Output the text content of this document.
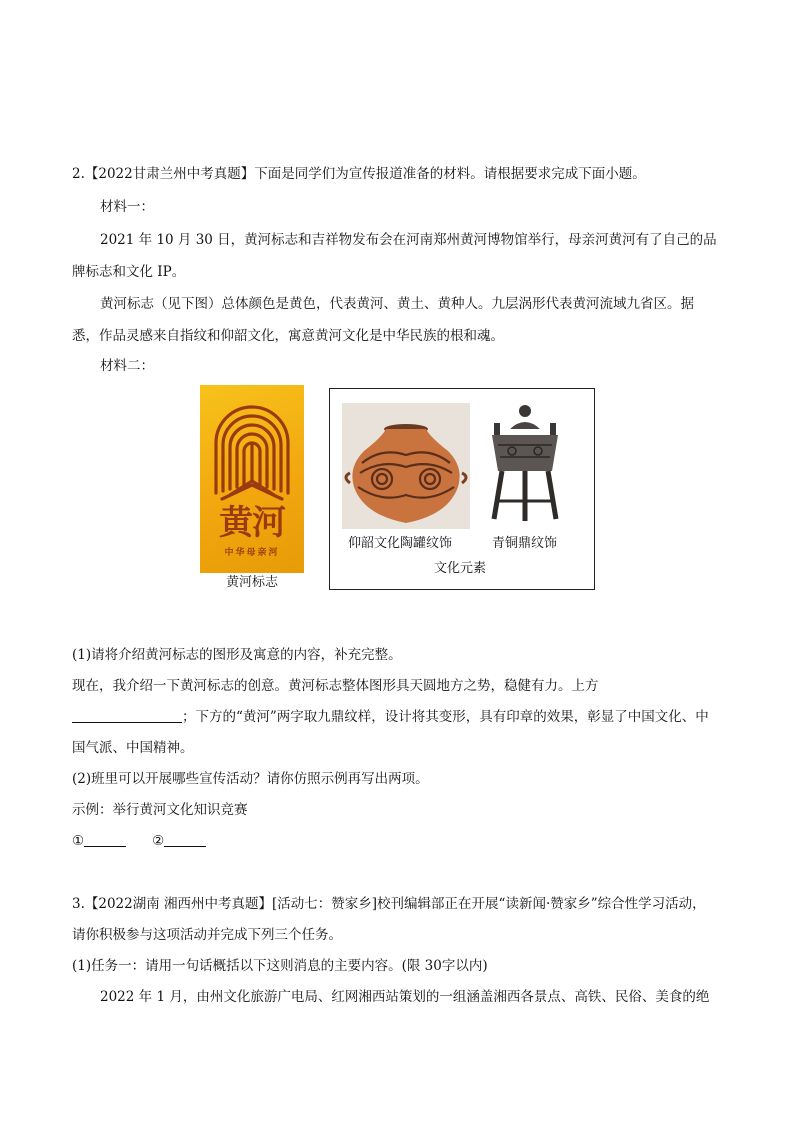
2.【2022甘肃兰州中考真题】下面是同学们为宣传报道准备的材料。请根据要求完成下面小题。
材料一：
2021 年 10 月 30 日，黄河标志和吉祥物发布会在河南郑州黄河博物馆举行，母亲河黄河有了自己的品
牌标志和文化 IP。
黄河标志（见下图）总体颜色是黄色，代表黄河、黄土、黄种人。九层涡形代表黄河流域九省区。据
悉，作品灵感来自指纹和仰韶文化，寓意黄河文化是中华民族的根和魂。
材料二：
黄河
中华母亲河
黄河标志
仰韶文化陶罐纹饰	青铜鼎纹饰
文化元素
(1)请将介绍黄河标志的图形及寓意的内容，补充完整。
现在，我介绍一下黄河标志的创意。黄河标志整体图形具天圆地方之势，稳健有力。上方
；下方的“黄河”两字取九鼎纹样，设计将其变形，具有印章的效果，彰显了中国文化、中
国气派、中国精神。
(2)班里可以开展哪些宣传活动？请你仿照示例再写出两项。
示例：举行黄河文化知识竞赛
①	②
3.【2022湖南 湘西州中考真题】[活动七：赞家乡]校刊编辑部正在开展“读新闻·赞家乡”综合性学习活动，
请你积极参与这项活动并完成下列三个任务。
(1)任务一：请用一句话概括以下这则消息的主要内容。(限 30字以内)
2022 年 1 月，由州文化旅游广电局、红网湘西站策划的一组涵盖湘西各景点、高铁、民俗、美食的绝
